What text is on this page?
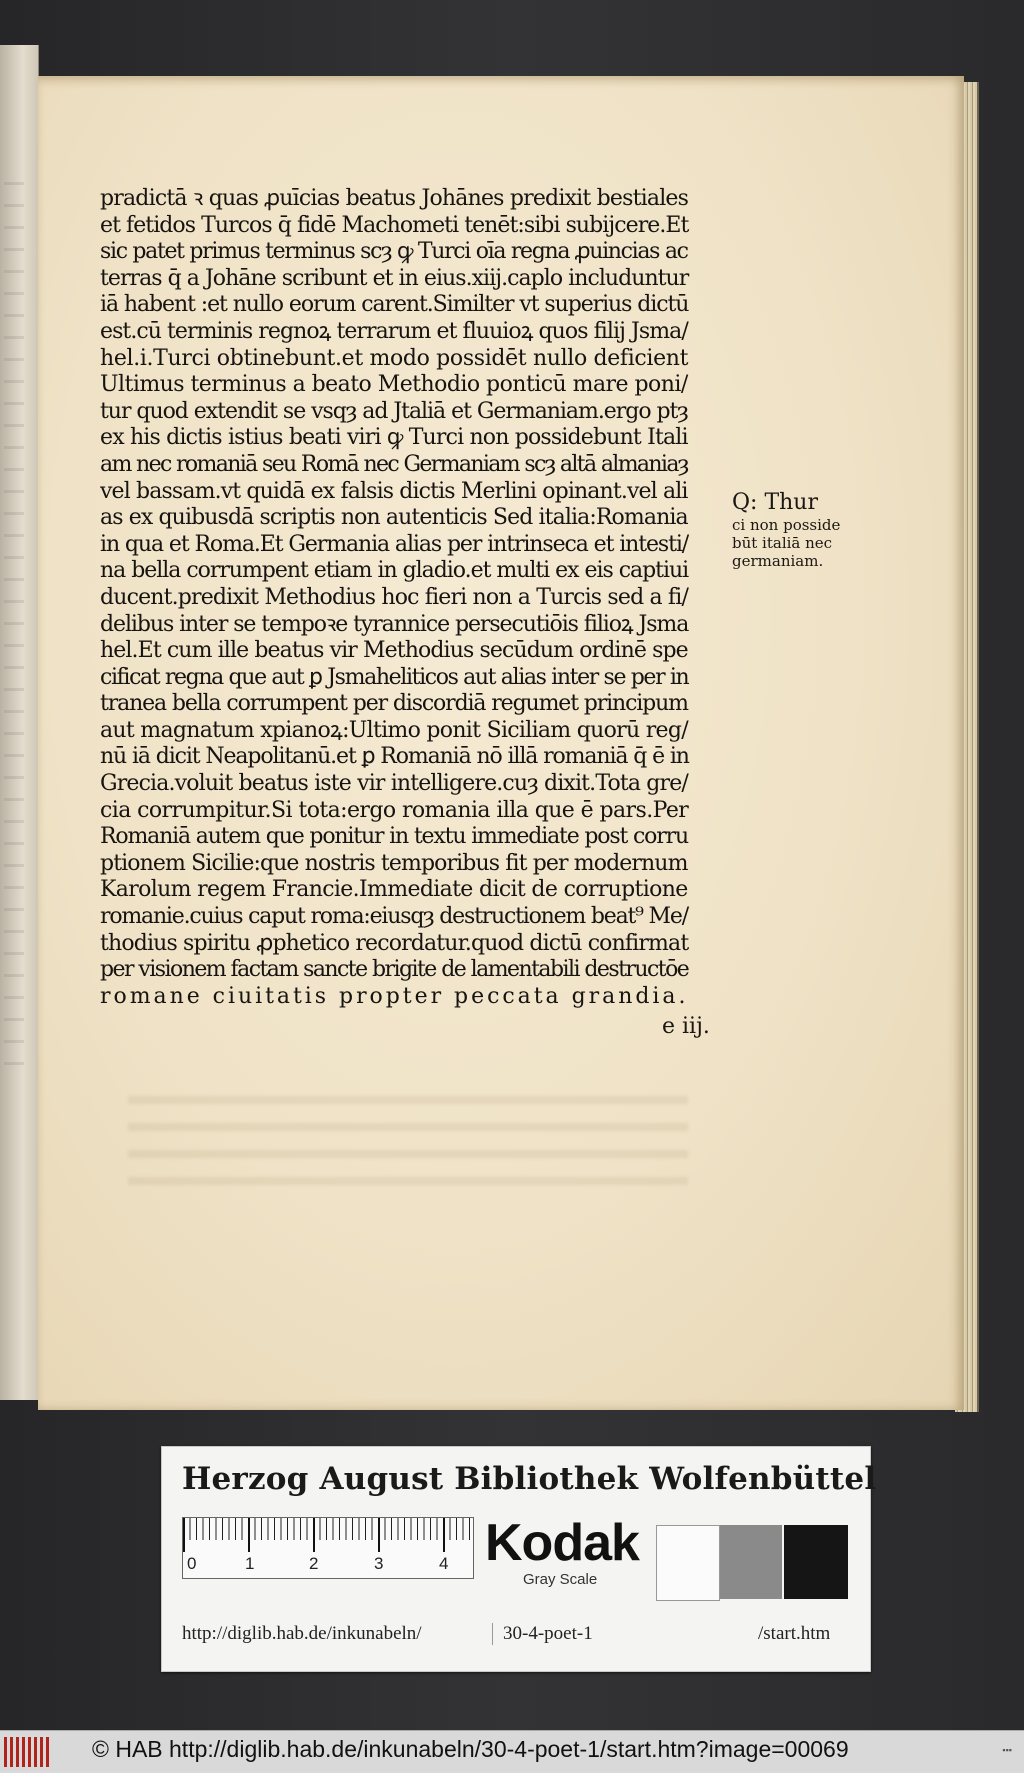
pradictā ꝛ quas ꝓuīcias beatus Johānes predixit bestiales
et fetidos Turcos q̄ fidē Machometi tenēt:sibi subijcere.Et
sic patet primus terminus scȝ ꝙ Turci oīa regna ꝓuincias ac
terras q̄ a Johāne scribunt et in eius.xiij.caplo includuntur
iā habent :et nullo eorum carent.Similter vt superius dictū
est.cū terminis regnoꝝ terrarum et fluuioꝝ quos filij Jsma/
hel.i.Turci obtinebunt.et modo possidēt nullo deficient
Ultimus terminus a beato Methodio ponticū mare poni/
tur quod extendit se vsqȝ ad Jtaliā et Germaniam.ergo ptȝ
ex his dictis istius beati viri ꝙ Turci non possidebunt Itali
am nec romaniā seu Romā nec Germaniam scȝ altā almaniaȝ
vel bassam.vt quidā ex falsis dictis Merlini opinant.vel ali
as ex quibusdā scriptis non autenticis Sed italia:Romania
in qua et Roma.Et Germania alias per intrinseca et intesti/
na bella corrumpent etiam in gladio.et multi ex eis captiui
ducent.predixit Methodius hoc fieri non a Turcis sed a fi/
delibus inter se tempoꝛe tyrannice persecutiōis filioꝝ Jsma
hel.Et cum ille beatus vir Methodius secūdum ordinē spe
cificat regna que aut ꝑ Jsmaheliticos aut alias inter se per in
tranea bella corrumpent per discordiā regumet principum
aut magnatum xpianoꝝ:Ultimo ponit Siciliam quorū reg/
nū iā dicit Neapolitanū.et ꝑ Romaniā nō illā romaniā q̄ ē in
Grecia.voluit beatus iste vir intelligere.cuȝ dixit.Tota gre/
cia corrumpitur.Si tota:ergo romania illa que ē pars.Per
Romaniā autem que ponitur in textu immediate post corru
ptionem Sicilie:que nostris temporibus fit per modernum
Karolum regem Francie.Immediate dicit de corruptione
romanie.cuius caput roma:eiusqȝ destructionem beat⁹ Me/
thodius spiritu ꝓphetico recordatur.quod dictū confirmat
per visionem factam sancte brigite de lamentabili destructōe
romane ciuitatis propter peccata grandia.
Q: Thur
ci non posside
būt italiā nec
germaniam.
e iij.
Herzog August Bibliothek Wolfenbüttel
0	1	2	3	4 Kodak
Gray Scale
http://diglib.hab.de/inkunabeln/	30-4-poet-1	/start.htm
© HAB http://diglib.hab.de/inkunabeln/30-4-poet-1/start.htm?image=00069	▪▪▪
